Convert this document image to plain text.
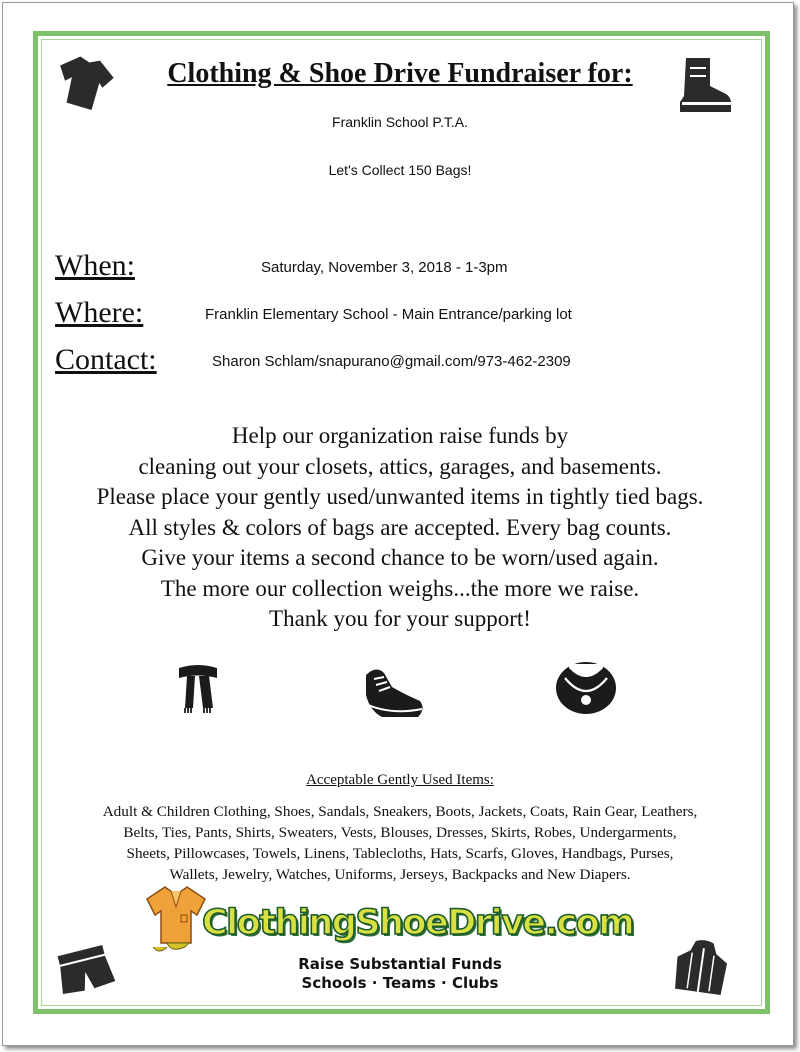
Clothing & Shoe Drive Fundraiser for:
Franklin School P.T.A.
Let's Collect 150 Bags!
When:	Saturday, November 3, 2018 - 1-3pm
Where:	Franklin Elementary School - Main Entrance/parking lot
Contact:	Sharon Schlam/snapurano@gmail.com/973-462-2309
Help our organization raise funds by
cleaning out your closets, attics, garages, and basements.
Please place your gently used/unwanted items in tightly tied bags.
All styles & colors of bags are accepted. Every bag counts.
Give your items a second chance to be worn/used again.
The more our collection weighs...the more we raise.
Thank you for your support!
Acceptable Gently Used Items:
Adult & Children Clothing, Shoes, Sandals, Sneakers, Boots, Jackets, Coats, Rain Gear, Leathers,
Belts, Ties, Pants, Shirts, Sweaters, Vests, Blouses, Dresses, Skirts, Robes, Undergarments,
Sheets, Pillowcases, Towels, Linens, Tablecloths, Hats, Scarfs, Gloves, Handbags, Purses,
Wallets, Jewelry, Watches, Uniforms, Jerseys, Backpacks and New Diapers.
ClothingShoeDrive.com
Raise Substantial Funds
Schools · Teams · Clubs
